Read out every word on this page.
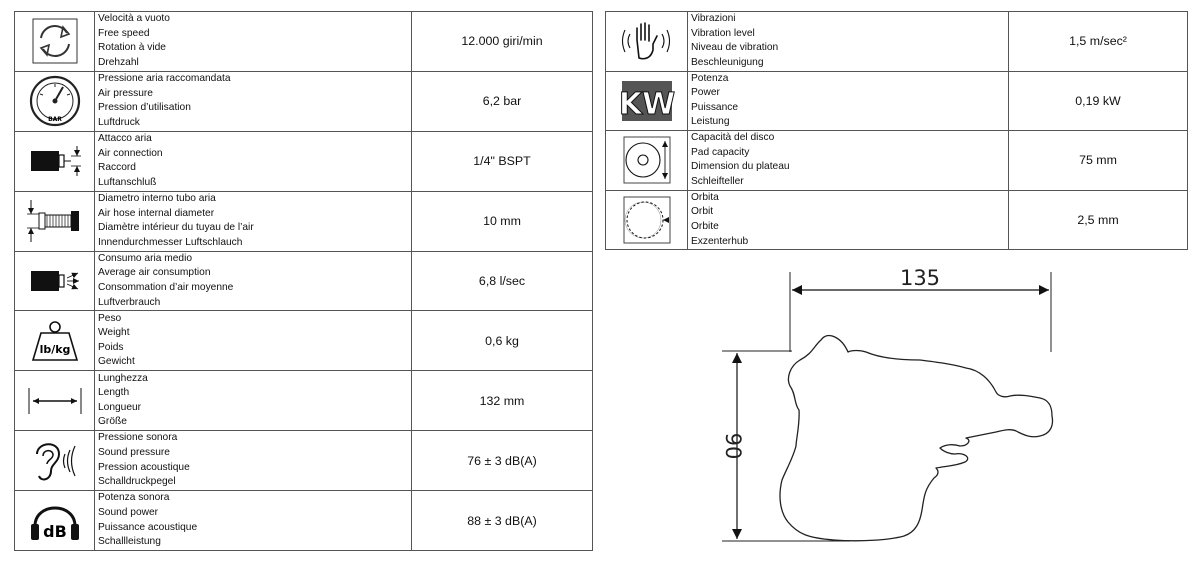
Velocità a vuoto
Free speed
Rotation à vide
Drehzahl	12.000 giri/min

BAR	Pressione aria raccomandata
Air pressure
Pression d’utilisation
Luftdruck	6,2 bar

Attacco aria
Air connection
Raccord
Luftanschluß	1/4" BSPT

Diametro interno tubo aria
Air hose internal diameter
Diamètre intérieur du tuyau de l’air
Innendurchmesser Luftschlauch	10 mm

Consumo aria medio
Average air consumption
Consommation d’air moyenne
Luftverbrauch	6,8 l/sec

lb/kg	Peso
Weight
Poids
Gewicht	0,6 kg

Lunghezza
Length
Longueur
Größe	132 mm

Pressione sonora
Sound pressure
Pression acoustique
Schalldruckpegel	76 ± 3 dB(A)

dB	Potenza sonora
Sound power
Puissance acoustique
Schallleistung	88 ± 3 dB(A)

Vibrazioni
Vibration level
Niveau de vibration
Beschleunigung	1,5 m/sec²

KW	Potenza
Power
Puissance
Leistung	0,19 kW

Capacità del disco
Pad capacity
Dimension du plateau
Schleifteller	75 mm

Orbita
Orbit
Orbite
Exzenterhub	2,5 mm
135
90
